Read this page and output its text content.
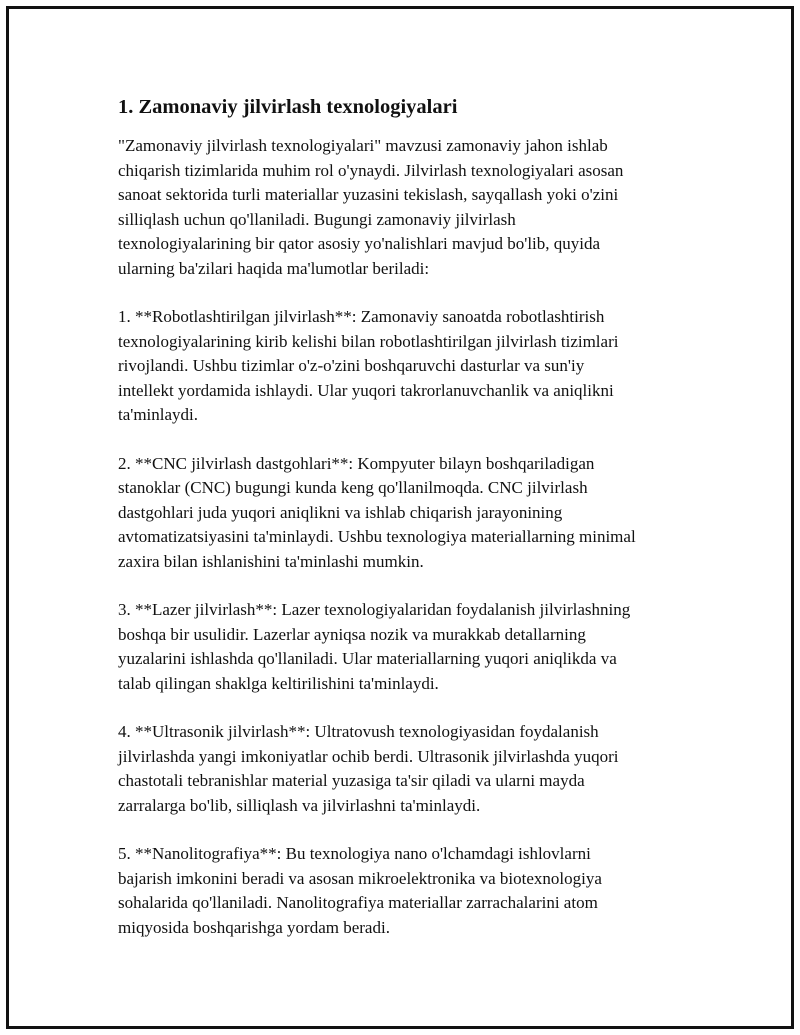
1. Zamonaviy jilvirlash texnologiyalari

"Zamonaviy jilvirlash texnologiyalari" mavzusi zamonaviy jahon ishlab
chiqarish tizimlarida muhim rol o'ynaydi. Jilvirlash texnologiyalari asosan
sanoat sektorida turli materiallar yuzasini tekislash, sayqallash yoki o'zini
silliqlash uchun qo'llaniladi. Bugungi zamonaviy jilvirlash
texnologiyalarining bir qator asosiy yo'nalishlari mavjud bo'lib, quyida
ularning ba'zilari haqida ma'lumotlar beriladi:

1. **Robotlashtirilgan jilvirlash**: Zamonaviy sanoatda robotlashtirish
texnologiyalarining kirib kelishi bilan robotlashtirilgan jilvirlash tizimlari
rivojlandi. Ushbu tizimlar o'z-o'zini boshqaruvchi dasturlar va sun'iy
intellekt yordamida ishlaydi. Ular yuqori takrorlanuvchanlik va aniqlikni
ta'minlaydi.

2. **CNC jilvirlash dastgohlari**: Kompyuter bilayn boshqariladigan
stanoklar (CNC) bugungi kunda keng qo'llanilmoqda. CNC jilvirlash
dastgohlari juda yuqori aniqlikni va ishlab chiqarish jarayonining
avtomatizatsiyasini ta'minlaydi. Ushbu texnologiya materiallarning minimal
zaxira bilan ishlanishini ta'minlashi mumkin.

3. **Lazer jilvirlash**: Lazer texnologiyalaridan foydalanish jilvirlashning
boshqa bir usulidir. Lazerlar ayniqsa nozik va murakkab detallarning
yuzalarini ishlashda qo'llaniladi. Ular materiallarning yuqori aniqlikda va
talab qilingan shaklga keltirilishini ta'minlaydi.

4. **Ultrasonik jilvirlash**: Ultratovush texnologiyasidan foydalanish
jilvirlashda yangi imkoniyatlar ochib berdi. Ultrasonik jilvirlashda yuqori
chastotali tebranishlar material yuzasiga ta'sir qiladi va ularni mayda
zarralarga bo'lib, silliqlash va jilvirlashni ta'minlaydi.

5. **Nanolitografiya**: Bu texnologiya nano o'lchamdagi ishlovlarni
bajarish imkonini beradi va asosan mikroelektronika va biotexnologiya
sohalarida qo'llaniladi. Nanolitografiya materiallar zarrachalarini atom
miqyosida boshqarishga yordam beradi.
